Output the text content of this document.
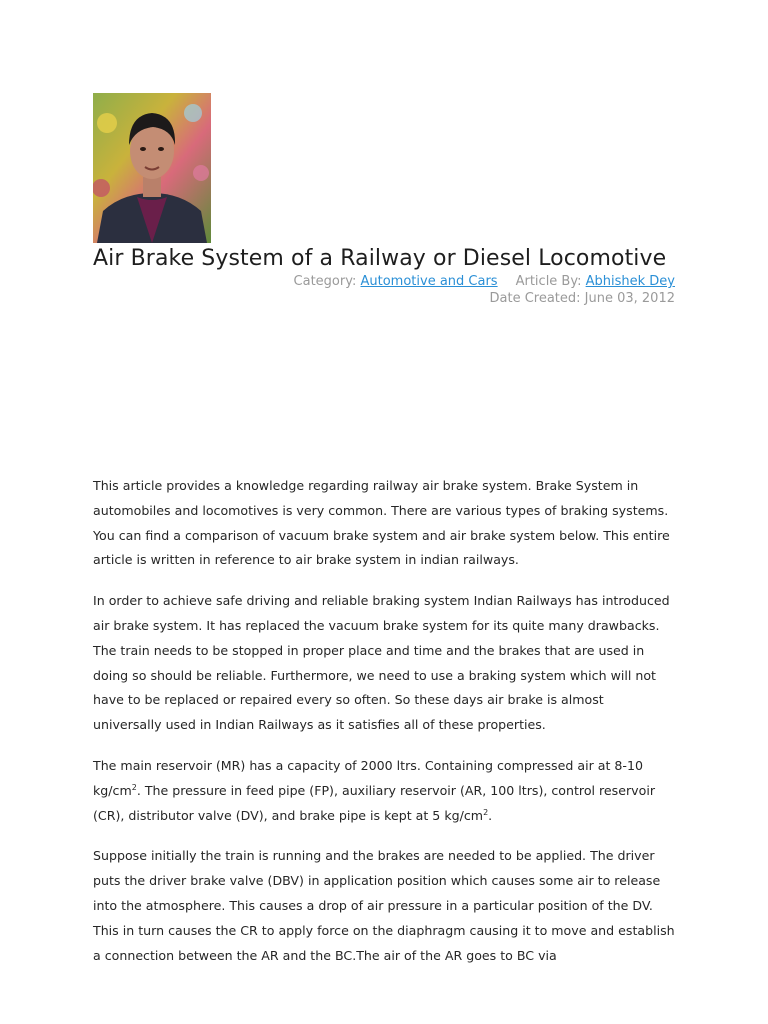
Air Brake System of a Railway or Diesel Locomotive
Category: Automotive and Cars Article By: Abhishek Dey
Date Created: June 03, 2012

This article provides a knowledge regarding railway air brake system. Brake System in automobiles and locomotives is very common. There are various types of braking systems. You can find a comparison of vacuum brake system and air brake system below. This entire article is written in reference to air brake system in indian railways.

In order to achieve safe driving and reliable braking system Indian Railways has introduced air brake system. It has replaced the vacuum brake system for its quite many drawbacks. The train needs to be stopped in proper place and time and the brakes that are used in doing so should be reliable. Furthermore, we need to use a braking system which will not have to be replaced or repaired every so often. So these days air brake is almost universally used in Indian Railways as it satisfies all of these properties.

The main reservoir (MR) has a capacity of 2000 ltrs. Containing compressed air at 8-10 $kg/cm^2$. The pressure in feed pipe (FP), auxiliary reservoir (AR, 100 ltrs), control reservoir (CR), distributor valve (DV), and brake pipe is kept at 5 $kg/cm^2$.

Suppose initially the train is running and the brakes are needed to be applied. The driver puts the driver brake valve (DBV) in application position which causes some air to release into the atmosphere. This causes a drop of air pressure in a particular position of the DV. This in turn causes the CR to apply force on the diaphragm causing it to move and establish a connection between the AR and the BC.The air of the AR goes to BC via
